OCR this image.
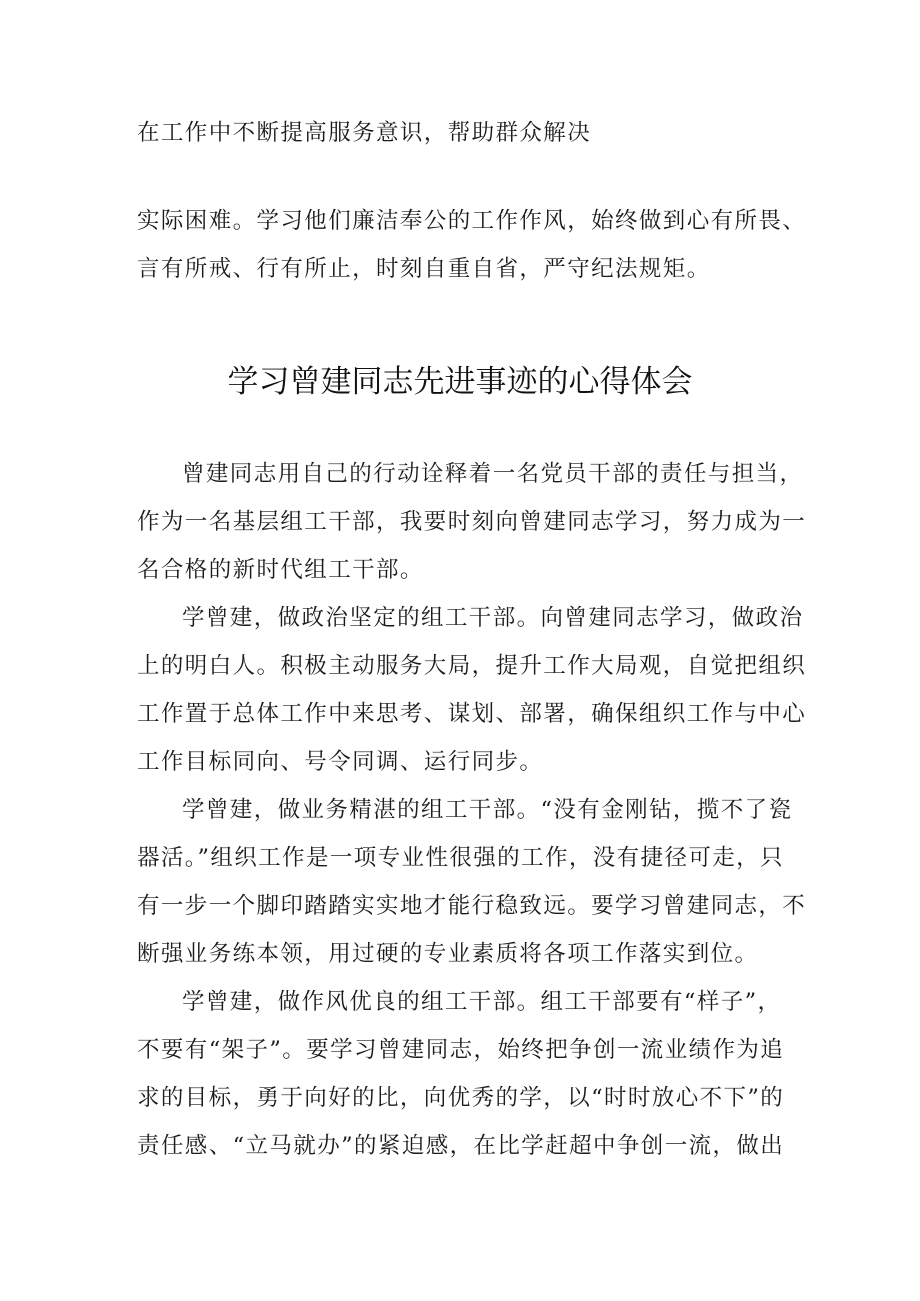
在工作中不断提高服务意识，帮助群众解决
实际困难。学习他们廉洁奉公的工作作风，始终做到心有所畏、
言有所戒、行有所止，时刻自重自省，严守纪法规矩。
学习曾建同志先进事迹的心得体会
曾建同志用自己的行动诠释着一名党员干部的责任与担当，
作为一名基层组工干部，我要时刻向曾建同志学习，努力成为一
名合格的新时代组工干部。
学曾建，做政治坚定的组工干部。向曾建同志学习，做政治
上的明白人。积极主动服务大局，提升工作大局观，自觉把组织
工作置于总体工作中来思考、谋划、部署，确保组织工作与中心
工作目标同向、号令同调、运行同步。
学曾建，做业务精湛的组工干部。“没有金刚钻，揽不了瓷
器活。”组织工作是一项专业性很强的工作，没有捷径可走，只
有一步一个脚印踏踏实实地才能行稳致远。要学习曾建同志，不
断强业务练本领，用过硬的专业素质将各项工作落实到位。
学曾建，做作风优良的组工干部。组工干部要有“样子”，
不要有“架子”。要学习曾建同志，始终把争创一流业绩作为追
求的目标，勇于向好的比，向优秀的学，以“时时放心不下”的
责任感、“立马就办”的紧迫感，在比学赶超中争创一流，做出
